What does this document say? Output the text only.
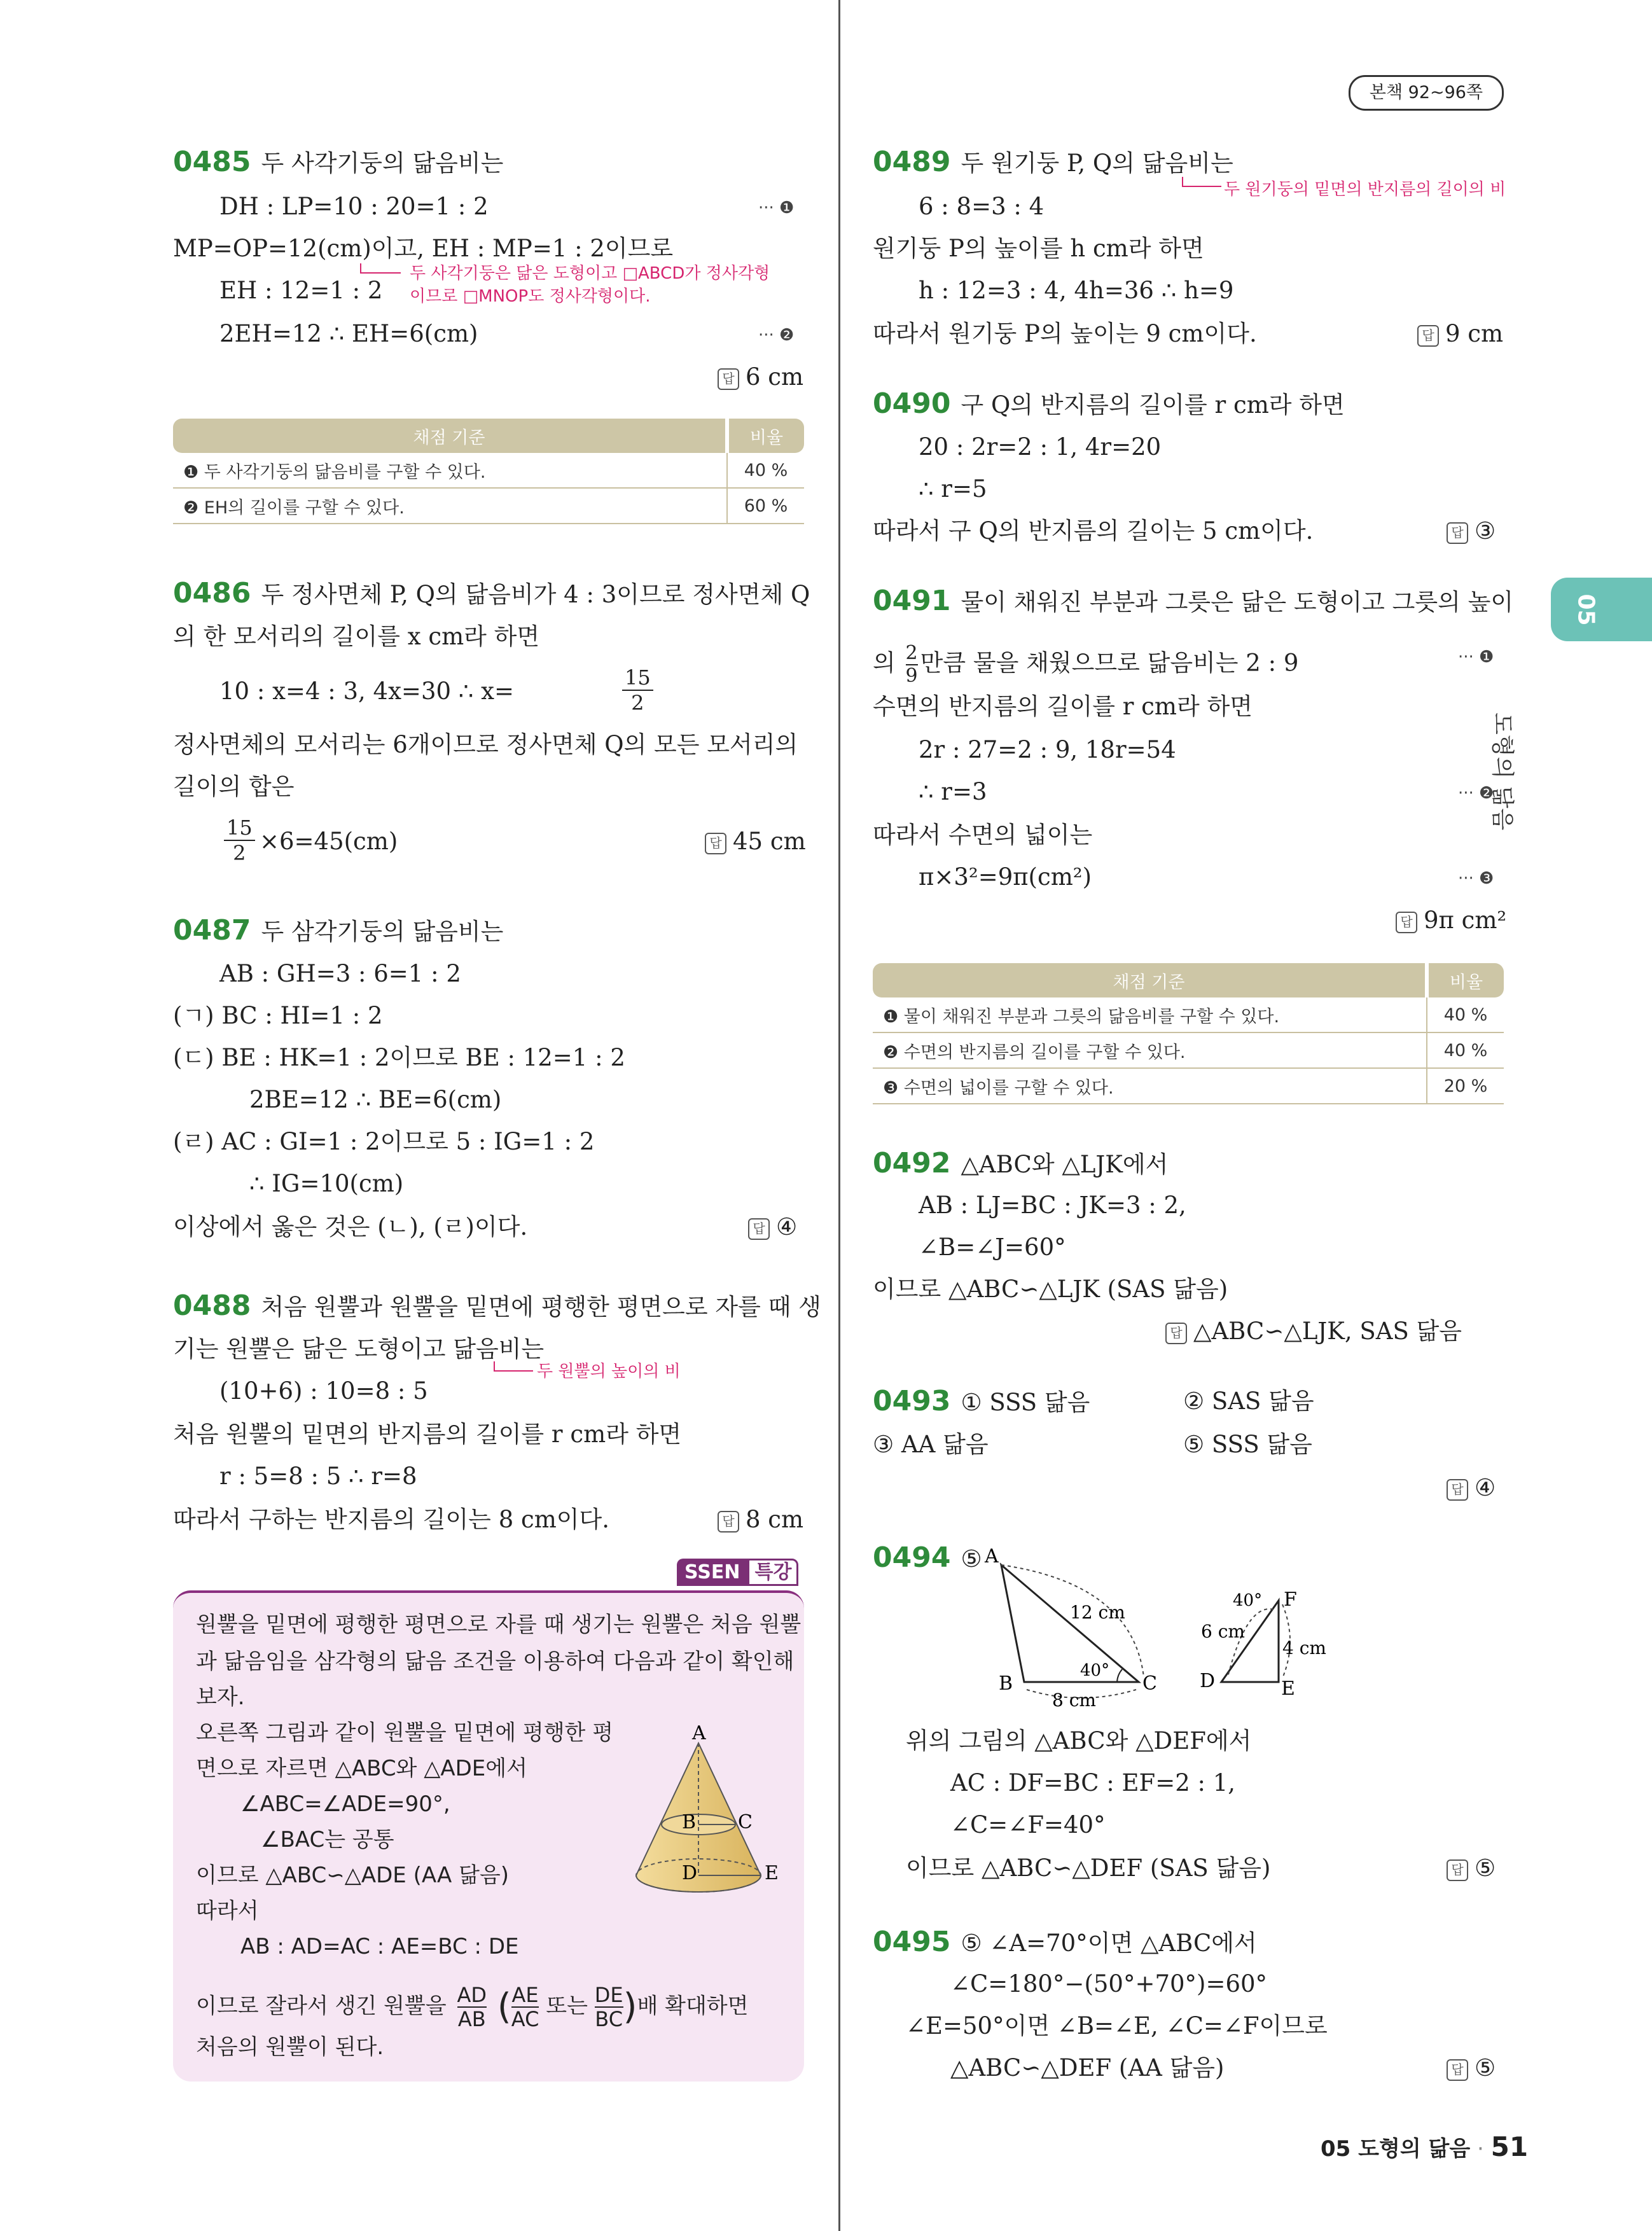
본책 92~96쪽
05
도형의 닮음
0485 두 사각기둥의 닮음비는
DH : LP=10 : 20=1 : 2	··· ❶
MP=OP=12(cm)이고, EH : MP=1 : 2이므로
두 사각기둥은 닮은 도형이고 □ABCD가 정사각형
이므로 □MNOP도 정사각형이다.
EH : 12=1 : 2
2EH=12 ∴ EH=6(cm)	··· ❷
답 6 cm
채점 기준	비율
❶ 두 사각기둥의 닮음비를 구할 수 있다.	40 %
❷ EH의 길이를 구할 수 있다.	60 %
0486 두 정사면체 P, Q의 닮음비가 4 : 3이므로 정사면체 Q
의 한 모서리의 길이를 x cm라 하면
10 : x=4 : 3, 4x=30 ∴ x=	15
2
정사면체의 모서리는 6개이므로 정사면체 Q의 모든 모서리의
길이의 합은
15
2 ×6=45(cm)	답 45 cm
0487 두 삼각기둥의 닮음비는
AB : GH=3 : 6=1 : 2
(ㄱ) BC : HI=1 : 2
(ㄷ) BE : HK=1 : 2이므로 BE : 12=1 : 2
2BE=12 ∴ BE=6(cm)
(ㄹ) AC : GI=1 : 2이므로 5 : IG=1 : 2
∴ IG=10(cm)
이상에서 옳은 것은 (ㄴ), (ㄹ)이다.	답 ④
0488 처음 원뿔과 원뿔을 밑면에 평행한 평면으로 자를 때 생
기는 원뿔은 닮은 도형이고 닮음비는
두 원뿔의 높이의 비
(10+6) : 10=8 : 5
처음 원뿔의 밑면의 반지름의 길이를 r cm라 하면
r : 5=8 : 5 ∴ r=8
따라서 구하는 반지름의 길이는 8 cm이다.	답 8 cm
SSEN 특강
원뿔을 밑면에 평행한 평면으로 자를 때 생기는 원뿔은 처음 원뿔
과 닮음임을 삼각형의 닮음 조건을 이용하여 다음과 같이 확인해
보자.
오른쪽 그림과 같이 원뿔을 밑면에 평행한 평
면으로 자르면 △ABC와 △ADE에서
∠ABC=∠ADE=90°,
∠BAC는 공통
이므로 △ABC∽△ADE (AA 닮음)
따라서
AB : AD=AC : AE=BC : DE
이므로 잘라서 생긴 원뿔을 $\frac{AD}{AB}$ ( $\frac{AE}{AC}$ 또는 $\frac{DE}{BC}$ )배 확대하면
처음의 원뿔이 된다.
A
B C
D	E
0489 두 원기둥 P, Q의 닮음비는
두 원기둥의 밑면의 반지름의 길이의 비
6 : 8=3 : 4
원기둥 P의 높이를 h cm라 하면
h : 12=3 : 4, 4h=36 ∴ h=9
따라서 원기둥 P의 높이는 9 cm이다.	답 9 cm
0490 구 Q의 반지름의 길이를 r cm라 하면
20 : 2r=2 : 1, 4r=20
∴ r=5
따라서 구 Q의 반지름의 길이는 5 cm이다.	답 ③
0491 물이 채워진 부분과 그릇은 닮은 도형이고 그릇의 높이
의 $\frac{2}{9}$ 만큼 물을 채웠으므로 닮음비는 2 : 9	··· ❶
수면의 반지름의 길이를 r cm라 하면
2r : 27=2 : 9, 18r=54
∴ r=3	··· ❷
따라서 수면의 넓이는
π×3²=9π(cm²)	··· ❸
답 9π cm²
채점 기준	비율
❶ 물이 채워진 부분과 그릇의 닮음비를 구할 수 있다.	40 %
❷ 수면의 반지름의 길이를 구할 수 있다.	40 %
❸ 수면의 넓이를 구할 수 있다.	20 %
0492 △ABC와 △LJK에서
AB : LJ=BC : JK=3 : 2,
∠B=∠J=60°
이므로 △ABC∽△LJK (SAS 닮음)
답 △ABC∽△LJK, SAS 닮음
0493 ① SSS 닮음	② SAS 닮음
③ AA 닮음	⑤ SSS 닮음
답 ④
0494 ⑤ A
B	C
12 cm
8 cm
40°	D	E
F
40°
6 cm
4 cm
위의 그림의 △ABC와 △DEF에서
AC : DF=BC : EF=2 : 1,
∠C=∠F=40°
이므로 △ABC∽△DEF (SAS 닮음)	답 ⑤
0495 ⑤ ∠A=70°이면 △ABC에서
∠C=180°−(50°+70°)=60°
∠E=50°이면 ∠B=∠E, ∠C=∠F이므로
△ABC∽△DEF (AA 닮음)	답 ⑤
05 도형의 닮음 · 51
